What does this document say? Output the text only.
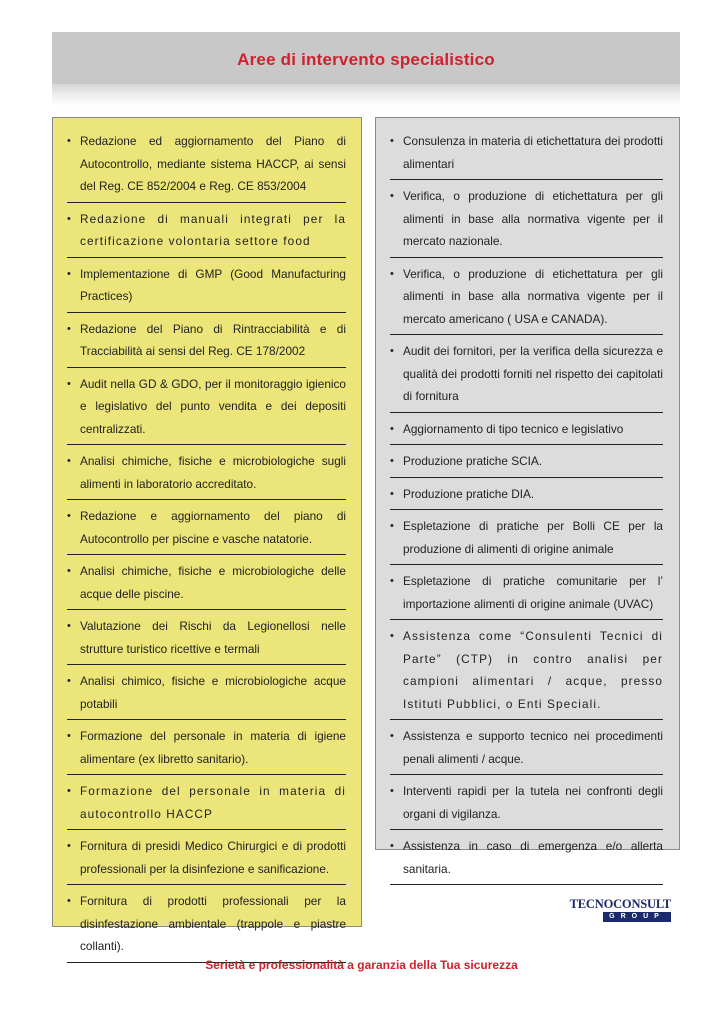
Aree di intervento specialistico
• Redazione ed aggiornamento del Piano di Autocontrollo, mediante sistema HACCP, ai sensi del Reg. CE 852/2004 e Reg. CE 853/2004
• Redazione di manuali integrati per la certificazione volontaria settore food
• Implementazione di GMP (Good Manufacturing Practices)
• Redazione del Piano di Rintracciabilità e di Tracciabilità ai sensi del Reg. CE 178/2002
• Audit nella GD & GDO, per il monitoraggio igienico e legislativo del punto vendita e dei depositi centralizzati.
• Analisi chimiche, fisiche e microbiologiche sugli alimenti in laboratorio accreditato.
• Redazione e aggiornamento del piano di Autocontrollo per piscine e vasche natatorie.
• Analisi chimiche, fisiche e microbiologiche delle acque delle piscine.
• Valutazione dei Rischi da Legionellosi nelle strutture turistico ricettive e termali
• Analisi chimico, fisiche e microbiologiche acque potabili
• Formazione del personale in materia di igiene alimentare (ex libretto sanitario).
• Formazione del personale in materia di autocontrollo HACCP
• Fornitura di presidi Medico Chirurgici e di prodotti professionali per la disinfezione e sanificazione.
• Fornitura di prodotti professionali per la disinfestazione ambientale (trappole e piastre collanti).
• Consulenza in materia di etichettatura dei prodotti alimentari
• Verifica, o produzione di etichettatura per gli alimenti in base alla normativa vigente per il mercato nazionale.
• Verifica, o produzione di etichettatura per gli alimenti in base alla normativa vigente per il mercato americano ( USA e CANADA).
• Audit dei fornitori, per la verifica della sicurezza e qualità dei prodotti forniti nel rispetto dei capitolati di fornitura
• Aggiornamento di tipo tecnico e legislativo
• Produzione pratiche SCIA.
• Produzione pratiche DIA.
• Espletazione di pratiche per Bolli CE per la produzione di alimenti di origine animale
• Espletazione di pratiche comunitarie per l’ importazione alimenti di origine animale (UVAC)
• Assistenza come “Consulenti Tecnici di Parte” (CTP) in contro analisi per campioni alimentari / acque, presso Istituti Pubblici, o Enti Speciali.
• Assistenza e supporto tecnico nei procedimenti penali alimenti / acque.
• Interventi rapidi per la tutela nei confronti degli organi di vigilanza.
• Assistenza in caso di emergenza e/o allerta sanitaria.
TECNOCONSULT
GROUP
Serietà e professionalità a garanzia della Tua sicurezza
